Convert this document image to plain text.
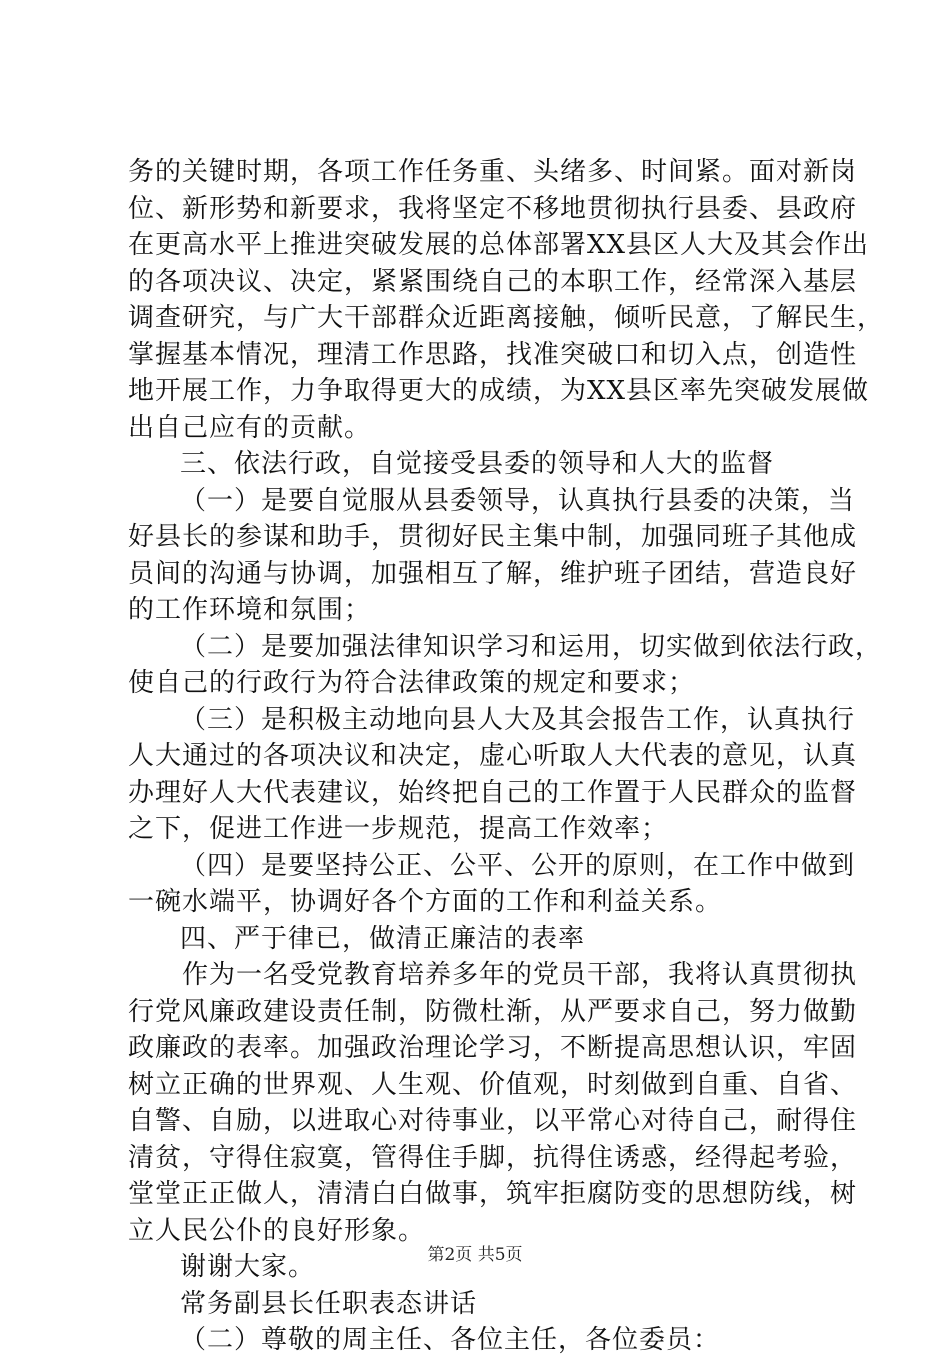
务的关键时期，各项工作任务重、头绪多、时间紧。面对新岗
位、新形势和新要求，我将坚定不移地贯彻执行县委、县政府
在更高水平上推进突破发展的总体部署XX县区人大及其会作出
的各项决议、决定，紧紧围绕自己的本职工作，经常深入基层
调查研究，与广大干部群众近距离接触，倾听民意，了解民生，
掌握基本情况，理清工作思路，找准突破口和切入点，创造性
地开展工作，力争取得更大的成绩，为XX县区率先突破发展做
出自己应有的贡献。
三、依法行政，自觉接受县委的领导和人大的监督
（一）是要自觉服从县委领导，认真执行县委的决策，当
好县长的参谋和助手，贯彻好民主集中制，加强同班子其他成
员间的沟通与协调，加强相互了解，维护班子团结，营造良好
的工作环境和氛围；
（二）是要加强法律知识学习和运用，切实做到依法行政，
使自己的行政行为符合法律政策的规定和要求；
（三）是积极主动地向县人大及其会报告工作，认真执行
人大通过的各项决议和决定，虚心听取人大代表的意见，认真
办理好人大代表建议，始终把自己的工作置于人民群众的监督
之下，促进工作进一步规范，提高工作效率；
（四）是要坚持公正、公平、公开的原则，在工作中做到
一碗水端平，协调好各个方面的工作和利益关系。
四、严于律已，做清正廉洁的表率
作为一名受党教育培养多年的党员干部，我将认真贯彻执
行党风廉政建设责任制，防微杜渐，从严要求自己，努力做勤
政廉政的表率。加强政治理论学习，不断提高思想认识，牢固
树立正确的世界观、人生观、价值观，时刻做到自重、自省、
自警、自励，以进取心对待事业，以平常心对待自己，耐得住
清贫，守得住寂寞，管得住手脚，抗得住诱惑，经得起考验，
堂堂正正做人，清清白白做事，筑牢拒腐防变的思想防线，树
立人民公仆的良好形象。
谢谢大家。
常务副县长任职表态讲话
（二）尊敬的周主任、各位主任，各位委员：
第2页 共5页
